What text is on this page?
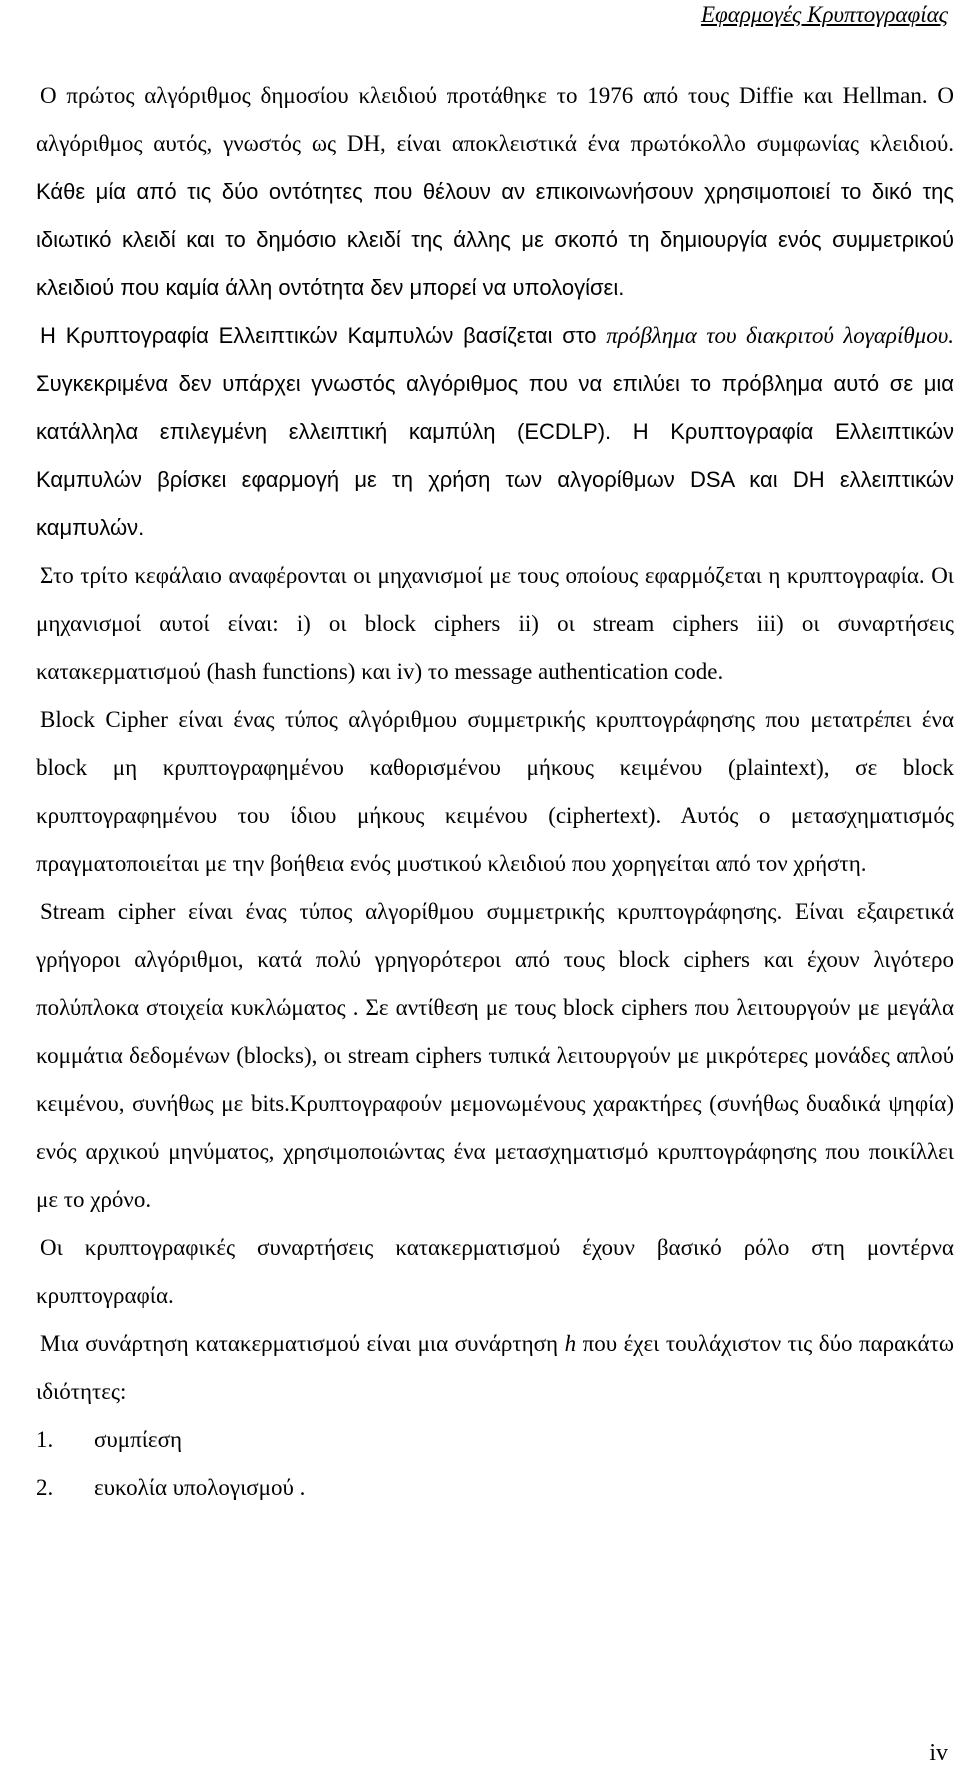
Εφαρμογές Κρυπτογραφίας

Ο πρώτος αλγόριθμος δημοσίου κλειδιού προτάθηκε το 1976 από τους Diffie και Hellman. Ο αλγόριθμος αυτός, γνωστός ως DH, είναι αποκλειστικά ένα πρωτόκολλο συμφωνίας κλειδιού. Κάθε μία από τις δύο οντότητες που θέλουν αν επικοινωνήσουν χρησιμοποιεί το δικό της ιδιωτικό κλειδί και το δημόσιο κλειδί της άλλης με σκοπό τη δημιουργία ενός συμμετρικού κλειδιού που καμία άλλη οντότητα δεν μπορεί να υπολογίσει.

Η Κρυπτογραφία Ελλειπτικών Καμπυλών βασίζεται στο πρόβλημα του διακριτού λογαρίθμου. Συγκεκριμένα δεν υπάρχει γνωστός αλγόριθμος που να επιλύει το πρόβλημα αυτό σε μια κατάλληλα επιλεγμένη ελλειπτική καμπύλη (ECDLP). Η Κρυπτογραφία Ελλειπτικών Καμπυλών βρίσκει εφαρμογή με τη χρήση των αλγορίθμων DSA και DH ελλειπτικών καμπυλών.

Στο τρίτο κεφάλαιο αναφέρονται οι μηχανισμοί με τους οποίους εφαρμόζεται η κρυπτογραφία. Οι μηχανισμοί αυτοί είναι: i) οι block ciphers ii) οι stream ciphers iii) οι συναρτήσεις κατακερματισμού (hash functions) και iv) το message authentication code.

Block Cipher είναι ένας τύπος αλγόριθμου συμμετρικής κρυπτογράφησης που μετατρέπει ένα block μη κρυπτογραφημένου καθορισμένου μήκους κειμένου (plaintext), σε block κρυπτογραφημένου του ίδιου μήκους κειμένου (ciphertext). Αυτός ο μετασχηματισμός πραγματοποιείται με την βοήθεια ενός μυστικού κλειδιού που χορηγείται από τον χρήστη.

Stream cipher είναι ένας τύπος αλγορίθμου συμμετρικής κρυπτογράφησης. Είναι εξαιρετικά γρήγοροι αλγόριθμοι, κατά πολύ γρηγορότεροι από τους block ciphers και έχουν λιγότερο πολύπλοκα στοιχεία κυκλώματος . Σε αντίθεση με τους block ciphers που λειτουργούν με μεγάλα κομμάτια δεδομένων (blocks), οι stream ciphers τυπικά λειτουργούν με μικρότερες μονάδες απλού κειμένου, συνήθως με bits.Κρυπτογραφούν μεμονωμένους χαρακτήρες (συνήθως δυαδικά ψηφία) ενός αρχικού μηνύματος, χρησιμοποιώντας ένα μετασχηματισμό κρυπτογράφησης που ποικίλλει με το χρόνο.

Οι κρυπτογραφικές συναρτήσεις κατακερματισμού έχουν βασικό ρόλο στη μοντέρνα κρυπτογραφία.

Μια συνάρτηση κατακερματισμού είναι μια συνάρτηση h που έχει τουλάχιστον τις δύο παρακάτω ιδιότητες:

1. συμπίεση
2. ευκολία υπολογισμού .
iv
